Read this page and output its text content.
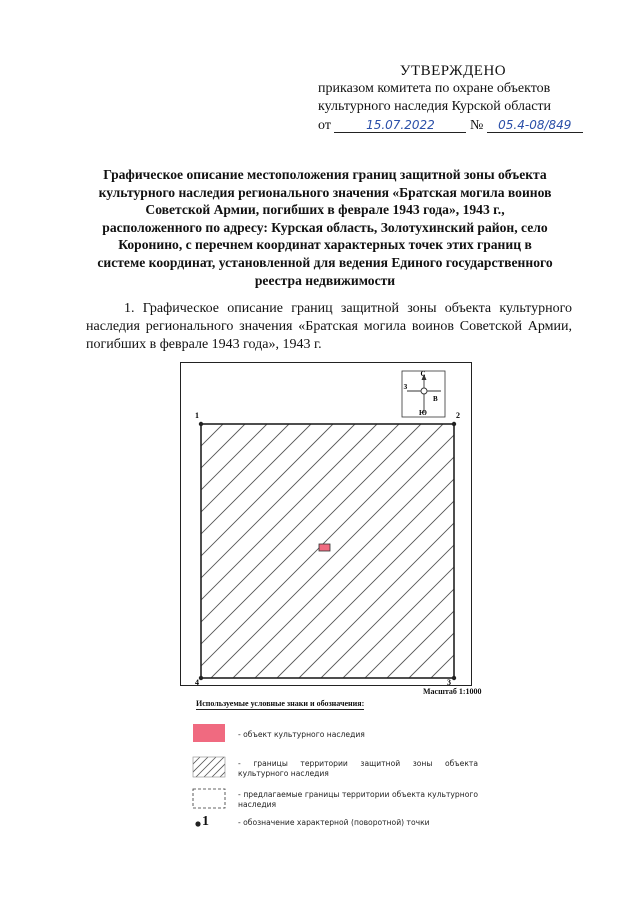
УТВЕРЖДЕНО
приказом комитета по охране объектов
культурного наследия Курской области
от	15.07.2022	№ 05.4-08/849
Графическое описание местоположения границ защитной зоны объекта культурного наследия регионального значения «Братская могила воинов Советской Армии, погибших в феврале 1943 года», 1943 г., расположенного по адресу: Курская область, Золотухинский район, село Коронино, с перечнем координат характерных точек этих границ в системе координат, установленной для ведения Единого государственного реестра недвижимости
1. Графическое описание границ защитной зоны объекта культурного наследия регионального значения «Братская могила воинов Советской Армии, погибших в феврале 1943 года», 1943 г.
1	2
3
4
С
Ю
З
В
Масштаб 1:1000
Используемые условные знаки и обозначения:
- объект культурного наследия
- границы территории защитной зоны объекта культурного наследия
- предлагаемые границы территории объекта культурного наследия
1	- обозначение характерной (поворотной) точки
